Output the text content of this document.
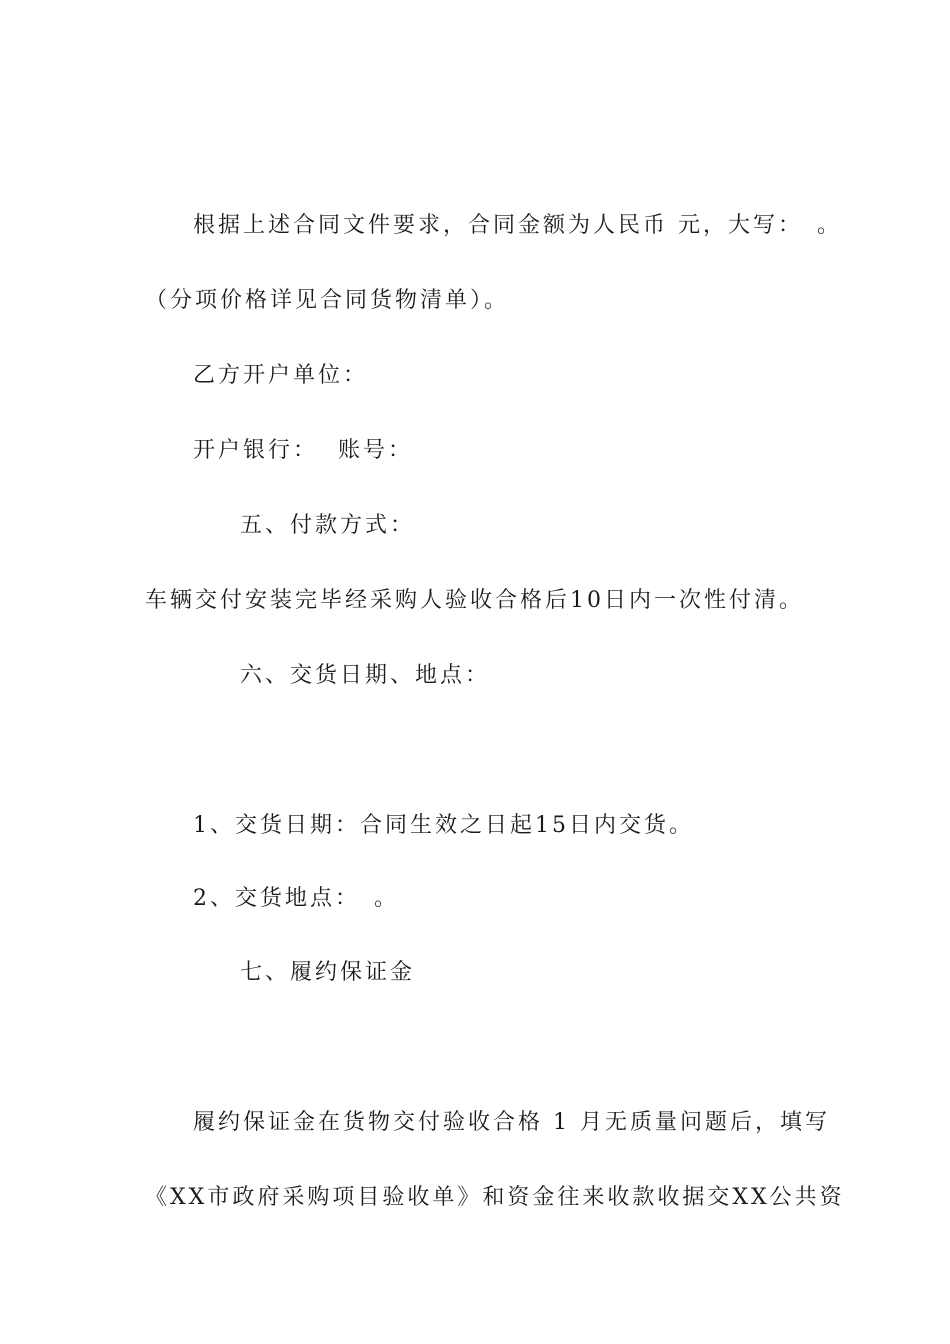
根据上述合同文件要求，合同金额为人民币 元，大写：　。
（分项价格详见合同货物清单）。
乙方开户单位：
开户银行：  账号：
五、付款方式：
车辆交付安装完毕经采购人验收合格后10日内一次性付清。
六、交货日期、地点：
1、交货日期：合同生效之日起15日内交货。
2、交货地点：　。
七、履约保证金
履约保证金在货物交付验收合格 1 月无质量问题后，填写
《XX市政府采购项目验收单》和资金往来收款收据交XX公共资
